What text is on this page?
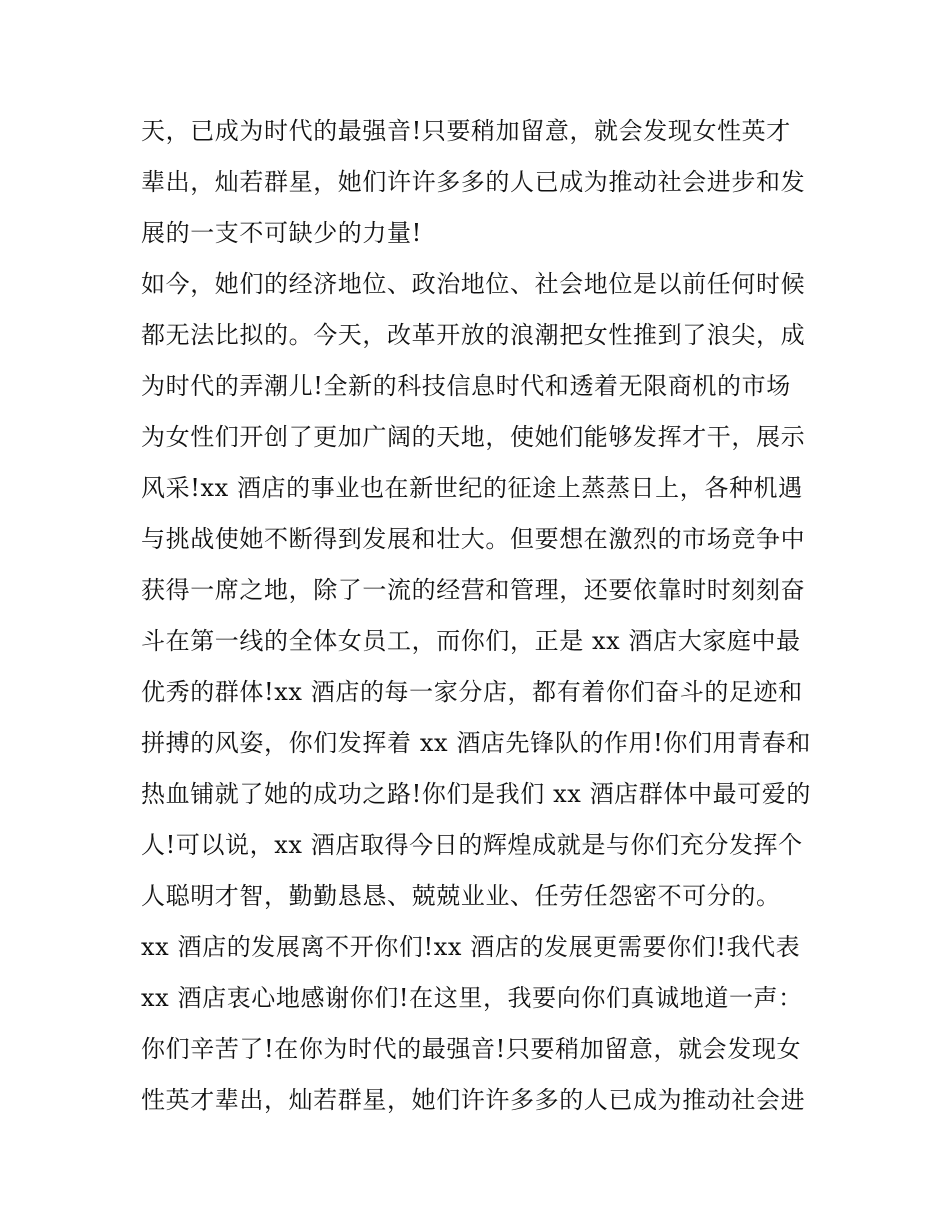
天，已成为时代的最强音!只要稍加留意，就会发现女性英才
辈出，灿若群星，她们许许多多的人已成为推动社会进步和发
展的一支不可缺少的力量!
如今，她们的经济地位、政治地位、社会地位是以前任何时候
都无法比拟的。今天，改革开放的浪潮把女性推到了浪尖，成
为时代的弄潮儿!全新的科技信息时代和透着无限商机的市场
为女性们开创了更加广阔的天地，使她们能够发挥才干，展示
风采!xx 酒店的事业也在新世纪的征途上蒸蒸日上，各种机遇
与挑战使她不断得到发展和壮大。但要想在激烈的市场竞争中
获得一席之地，除了一流的经营和管理，还要依靠时时刻刻奋
斗在第一线的全体女员工，而你们，正是 xx 酒店大家庭中最
优秀的群体!xx 酒店的每一家分店，都有着你们奋斗的足迹和
拼搏的风姿，你们发挥着 xx 酒店先锋队的作用!你们用青春和
热血铺就了她的成功之路!你们是我们 xx 酒店群体中最可爱的
人!可以说，xx 酒店取得今日的辉煌成就是与你们充分发挥个
人聪明才智，勤勤恳恳、兢兢业业、任劳任怨密不可分的。
xx 酒店的发展离不开你们!xx 酒店的发展更需要你们!我代表
xx 酒店衷心地感谢你们!在这里，我要向你们真诚地道一声：
你们辛苦了!在你为时代的最强音!只要稍加留意，就会发现女
性英才辈出，灿若群星，她们许许多多的人已成为推动社会进
